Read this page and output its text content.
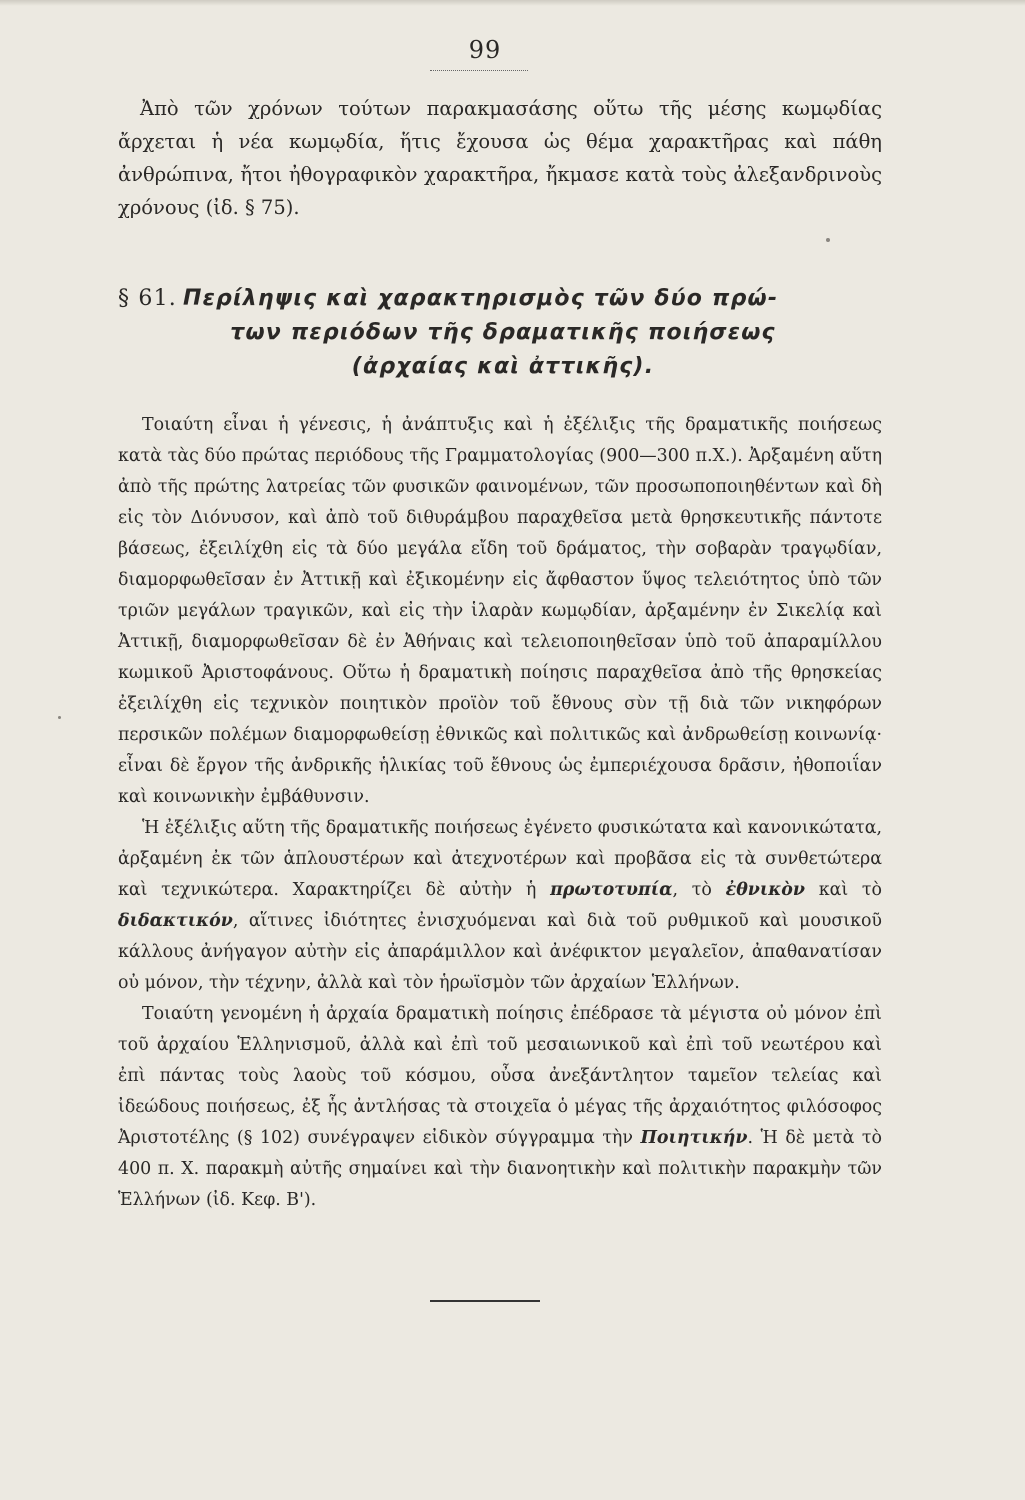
99

Ἀπὸ τῶν χρόνων τούτων παρακμασάσης οὕτω τῆς μέσης κωμῳδίας ἄρχεται ἡ νέα κωμῳδία, ἥτις ἔχουσα ὡς θέμα χαρακτῆρας καὶ πάθη ἀνθρώπινα, ἤτοι ἠθογραφικὸν χαρακτῆρα, ἤκμασε κατὰ τοὺς ἀλεξανδρινοὺς χρόνους (ἰδ. § 75).

§ 61. Περίληψις καὶ χαρακτηρισμὸς τῶν δύο πρώ-
των περιόδων τῆς δραματικῆς ποιήσεως
(ἀρχαίας καὶ ἀττικῆς).

Τοιαύτη εἶναι ἡ γένεσις, ἡ ἀνάπτυξις καὶ ἡ ἐξέλιξις τῆς δραματικῆς ποιήσεως κατὰ τὰς δύο πρώτας περιόδους τῆς Γραμματολογίας (900—300 π.Χ.). Ἀρξαμένη αὕτη ἀπὸ τῆς πρώτης λατρείας τῶν φυσικῶν φαινομένων, τῶν προσωποποιηθέντων καὶ δὴ εἰς τὸν Διόνυσον, καὶ ἀπὸ τοῦ διθυράμβου παραχθεῖσα μετὰ θρησκευτικῆς πάντοτε βάσεως, ἐξειλίχθη εἰς τὰ δύο μεγάλα εἴδη τοῦ δράματος, τὴν σοβαρὰν τραγῳδίαν, διαμορφωθεῖσαν ἐν Ἀττικῇ καὶ ἐξικομένην εἰς ἄφθαστον ὕψος τελειότητος ὑπὸ τῶν τριῶν μεγάλων τραγικῶν, καὶ εἰς τὴν ἱλαρὰν κωμῳδίαν, ἀρξαμένην ἐν Σικελίᾳ καὶ Ἀττικῇ, διαμορφωθεῖσαν δὲ ἐν Ἀθήναις καὶ τελειοποιηθεῖσαν ὑπὸ τοῦ ἀπαραμίλλου κωμικοῦ Ἀριστοφάνους. Οὕτω ἡ δραματικὴ ποίησις παραχθεῖσα ἀπὸ τῆς θρησκείας ἐξειλίχθη εἰς τεχνικὸν ποιητικὸν προϊὸν τοῦ ἔθνους σὺν τῇ διὰ τῶν νικηφόρων περσικῶν πολέμων διαμορφωθείσῃ ἐθνικῶς καὶ πολιτικῶς καὶ ἀνδρωθείσῃ κοινωνίᾳ· εἶναι δὲ ἔργον τῆς ἀνδρικῆς ἡλικίας τοῦ ἔθνους ὡς ἐμπεριέχουσα δρᾶσιν, ἠθοποιΐαν καὶ κοινωνικὴν ἐμβάθυνσιν.

Ἡ ἐξέλιξις αὕτη τῆς δραματικῆς ποιήσεως ἐγένετο φυσικώτατα καὶ κανονικώτατα, ἀρξαμένη ἐκ τῶν ἁπλουστέρων καὶ ἀτεχνοτέρων καὶ προβᾶσα εἰς τὰ συνθετώτερα καὶ τεχνικώτερα. Χαρακτηρίζει δὲ αὐτὴν ἡ πρωτοτυπία, τὸ ἐθνικὸν καὶ τὸ διδακτικόν, αἵτινες ἰδιότητες ἐνισχυόμεναι καὶ διὰ τοῦ ρυθμικοῦ καὶ μουσικοῦ κάλλους ἀνήγαγον αὐτὴν εἰς ἀπαράμιλλον καὶ ἀνέφικτον μεγαλεῖον, ἀπαθανατίσαν οὐ μόνον, τὴν τέχνην, ἀλλὰ καὶ τὸν ἡρωϊσμὸν τῶν ἀρχαίων Ἑλλήνων.

Τοιαύτη γενομένη ἡ ἀρχαία δραματικὴ ποίησις ἐπέδρασε τὰ μέγιστα οὐ μόνον ἐπὶ τοῦ ἀρχαίου Ἑλληνισμοῦ, ἀλλὰ καὶ ἐπὶ τοῦ μεσαιωνικοῦ καὶ ἐπὶ τοῦ νεωτέρου καὶ ἐπὶ πάντας τοὺς λαοὺς τοῦ κόσμου, οὖσα ἀνεξάντλητον ταμεῖον τελείας καὶ ἰδεώδους ποιήσεως, ἐξ ἧς ἀντλήσας τὰ στοιχεῖα ὁ μέγας τῆς ἀρχαιότητος φιλόσοφος Ἀριστοτέλης (§ 102) συνέγραψεν εἰδικὸν σύγγραμμα τὴν Ποιητικήν. Ἡ δὲ μετὰ τὸ 400 π. Χ. παρακμὴ αὐτῆς σημαίνει καὶ τὴν διανοητικὴν καὶ πολιτικὴν παρακμὴν τῶν Ἑλλήνων (ἰδ. Κεφ. Β').
